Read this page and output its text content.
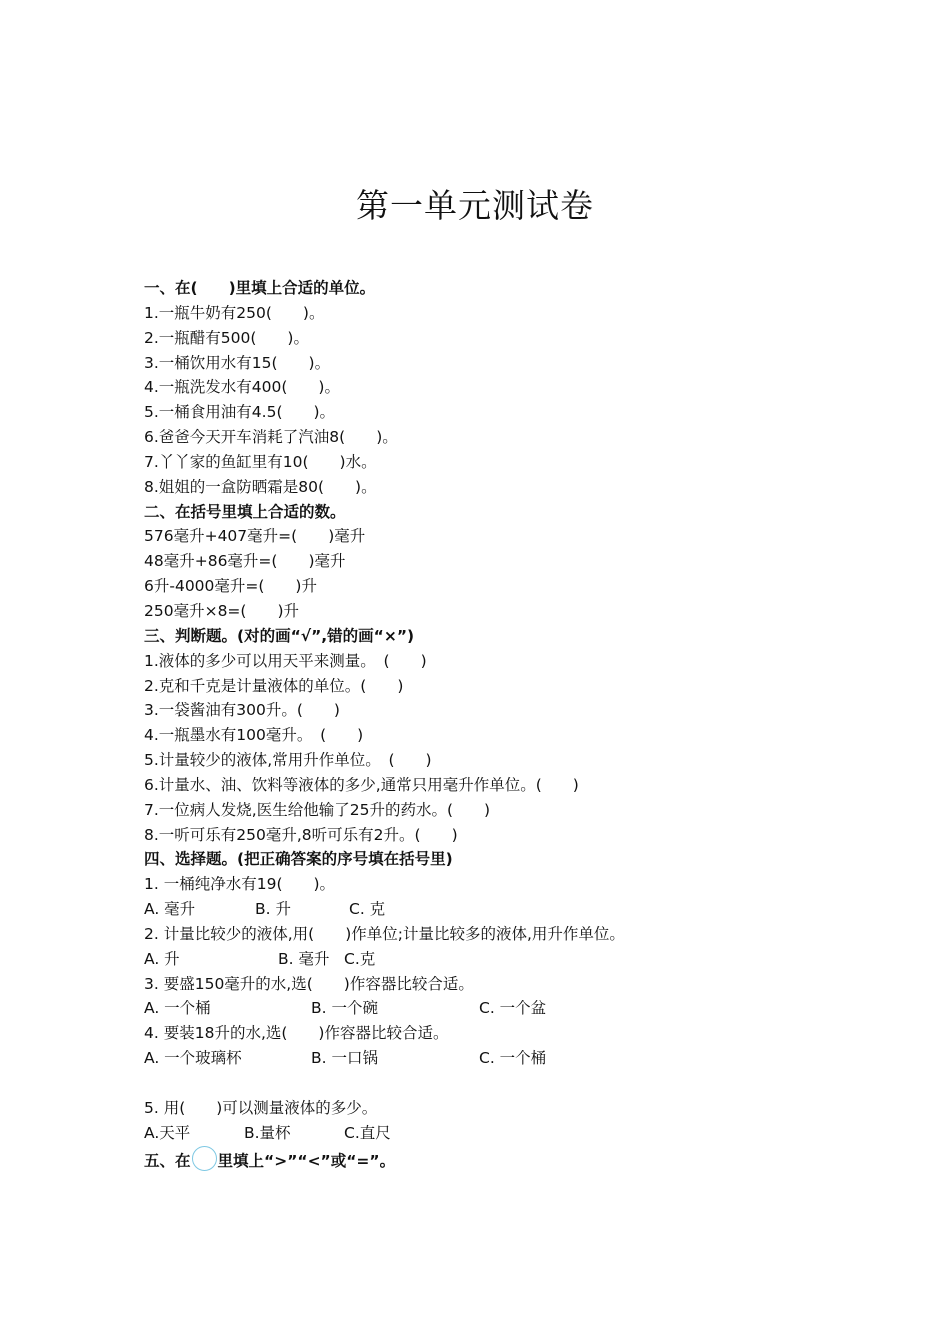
第一单元测试卷
一、在(　　)里填上合适的单位。
1.一瓶牛奶有250(　　)。
2.一瓶醋有500(　　)。
3.一桶饮用水有15(　　)。
4.一瓶洗发水有400(　　)。
5.一桶食用油有4.5(　　)。
6.爸爸今天开车消耗了汽油8(　　)。
7.丫丫家的鱼缸里有10(　　)水。
8.姐姐的一盒防晒霜是80(　　)。
二、在括号里填上合适的数。
576毫升+407毫升=(　　)毫升
48毫升+86毫升=(　　)毫升
6升-4000毫升=(　　)升
250毫升×8=(　　)升
三、判断题。(对的画“√”,错的画“×”)
1.液体的多少可以用天平来测量。　(　　)
2.克和千克是计量液体的单位。(　　)
3.一袋酱油有300升。(　　)
4.一瓶墨水有100毫升。　(　　)
5.计量较少的液体,常用升作单位。　(　　)
6.计量水、油、饮料等液体的多少,通常只用毫升作单位。(　　)
7.一位病人发烧,医生给他输了25升的药水。(　　)
8.一听可乐有250毫升,8听可乐有2升。(　　)
四、选择题。(把正确答案的序号填在括号里)
1. 一桶纯净水有19(　　)。
A. 毫升	B. 升	C. 克
2. 计量比较少的液体,用(　　)作单位;计量比较多的液体,用升作单位。
A. 升	B. 毫升 C.克
3. 要盛150毫升的水,选(　　)作容器比较合适。
A. 一个桶	B. 一个碗	C. 一个盆
4. 要装18升的水,选(　　)作容器比较合适。
A. 一个玻璃杯	B. 一口锅	C. 一个桶
5. 用(　　)可以测量液体的多少。
A.天平	B.量杯	C.直尺
五、在 里填上“>”“<”或“=”。
